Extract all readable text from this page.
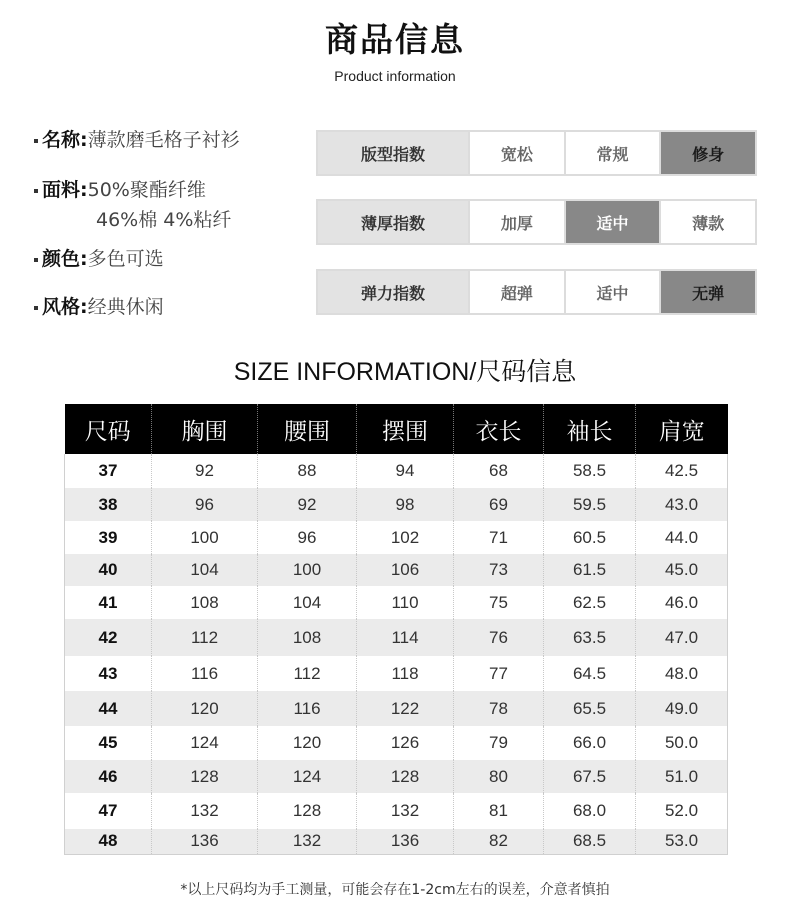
商品信息
Product information
名称:薄款磨毛格子衬衫
面料:50%聚酯纤维
46%棉 4%粘纤
颜色:多色可选
风格:经典休闲
版型指数	宽松	常规	修身
薄厚指数	加厚	适中	薄款
弹力指数	超弹	适中	无弹
SIZE INFORMATION/尺码信息
尺码	胸围	腰围	摆围	衣长	袖长	肩宽
37	92	88	94	68	58.5	42.5
38	96	92	98	69	59.5	43.0
39	100	96	102	71	60.5	44.0
40	104	100	106	73	61.5	45.0
41	108	104	110	75	62.5	46.0
42	112	108	114	76	63.5	47.0
43	116	112	118	77	64.5	48.0
44	120	116	122	78	65.5	49.0
45	124	120	126	79	66.0	50.0
46	128	124	128	80	67.5	51.0
47	132	128	132	81	68.0	52.0
48	136	132	136	82	68.5	53.0
*以上尺码均为手工测量，可能会存在1-2cm左右的误差，介意者慎拍
